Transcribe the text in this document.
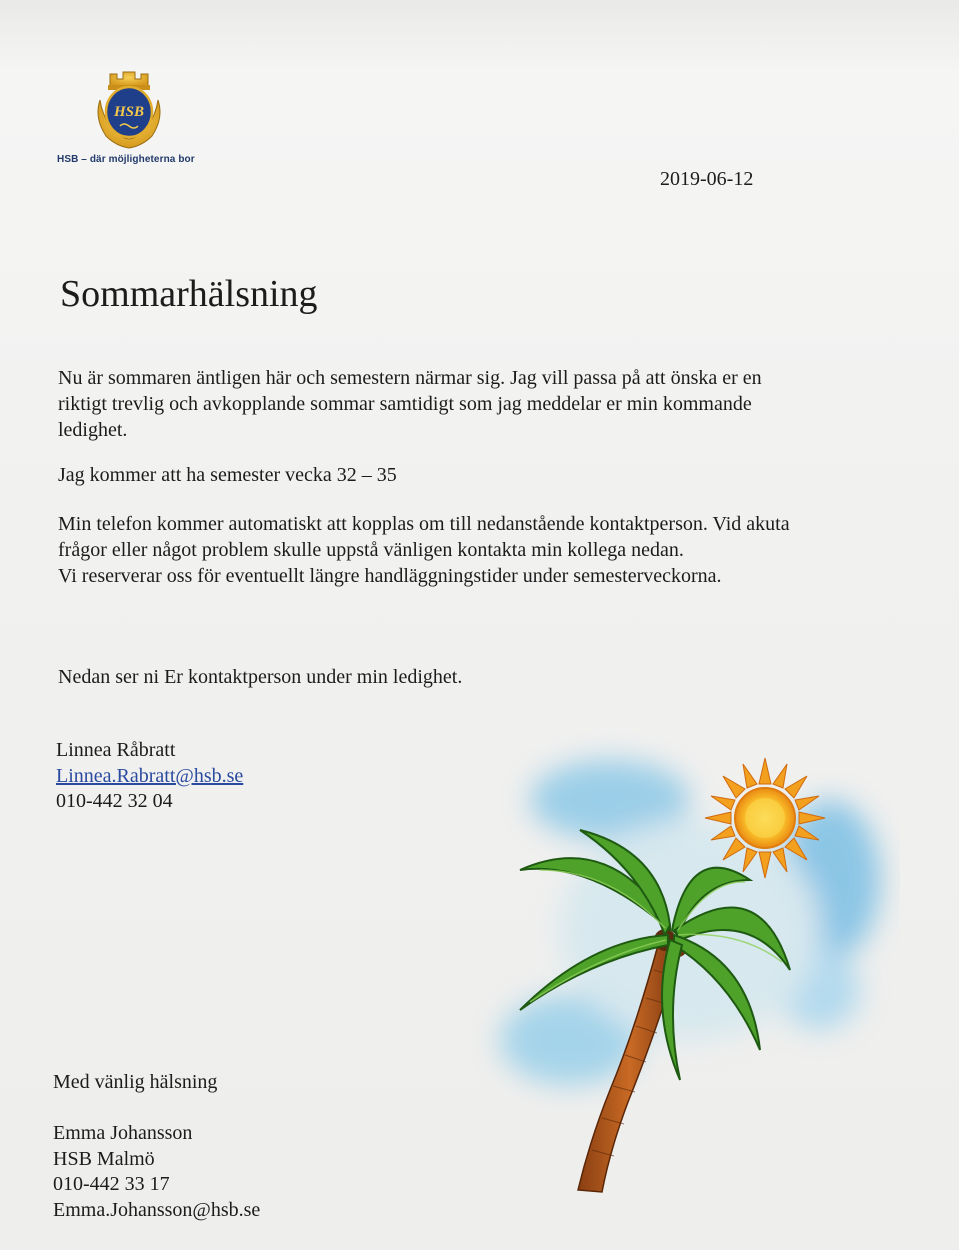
HSB
HSB – där möjligheterna bor
2019-06-12
Sommarhälsning

Nu är sommaren äntligen här och semestern närmar sig. Jag vill passa på att önska er en
riktigt trevlig och avkopplande sommar samtidigt som jag meddelar er min kommande
ledighet.

Jag kommer att ha semester vecka 32 – 35

Min telefon kommer automatiskt att kopplas om till nedanstående kontaktperson. Vid akuta
frågor eller något problem skulle uppstå vänligen kontakta min kollega nedan.
Vi reserverar oss för eventuellt längre handläggningstider under semesterveckorna.

Nedan ser ni Er kontaktperson under min ledighet.

Linnea Råbratt
Linnea.Rabratt@hsb.se
010-442 32 04
Med vänlig hälsning
Emma Johansson
HSB Malmö
010-442 33 17
Emma.Johansson@hsb.se
